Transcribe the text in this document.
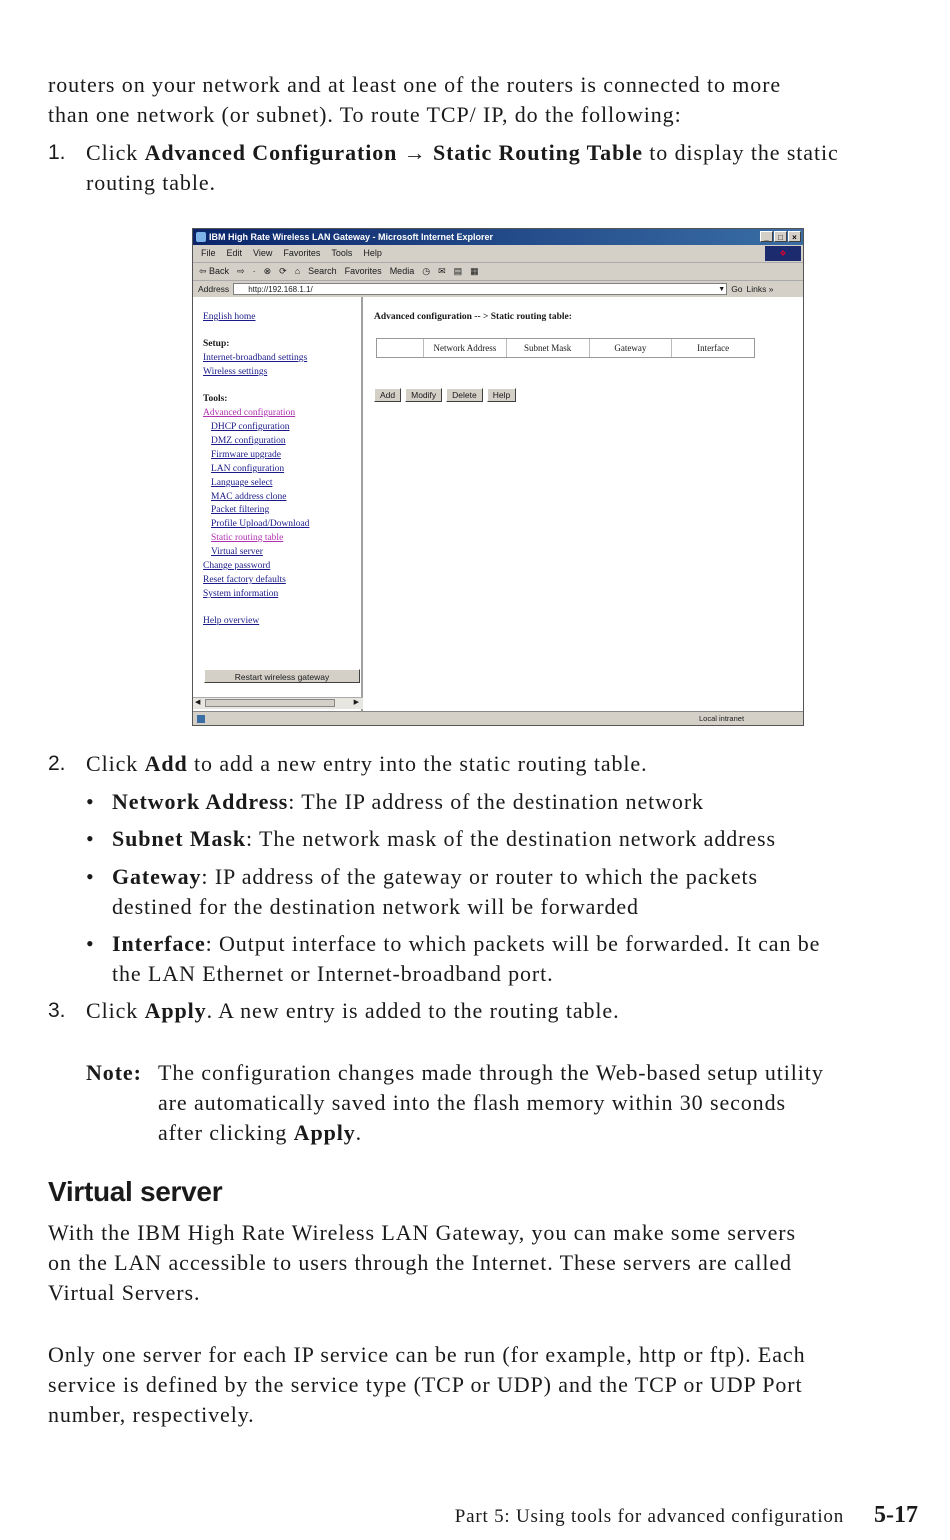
routers on your network and at least one of the routers is connected to more

than one network (or subnet). To route TCP/ IP, do the following:

1. Click Advanced Configuration → Static Routing Table to display the static

routing table.

IBM High Rate Wireless LAN Gateway - Microsoft Internet Explorer	_	□	×
File Edit View Favorites Tools Help	❖
⇦ Back ⇨ · ⊗ ⟳ ⌂ Search Favorites Media ◷ ✉ ▤ ▦
Address	http://192.168.1.1/	▼ Go Links »
English home
Setup:
Internet-broadband settings
Wireless settings
Tools:
Advanced configuration
DHCP configuration
DMZ configuration
Firmware upgrade
LAN configuration
Language select
MAC address clone
Packet filtering
Profile Upload/Download
Static routing table
Virtual server
Change password
Reset factory defaults
System information
Help overview
Restart wireless gateway
◀	▶
Advanced configuration -- > Static routing table:
Network Address	Subnet Mask	Gateway	Interface
Add	Modify	Delete	Help
Local intranet
2. Click Add to add a new entry into the static routing table.

• Network Address: The IP address of the destination network

• Subnet Mask: The network mask of the destination network address

• Gateway: IP address of the gateway or router to which the packets

destined for the destination network will be forwarded

• Interface: Output interface to which packets will be forwarded. It can be

the LAN Ethernet or Internet-broadband port.

3. Click Apply. A new entry is added to the routing table.

Note: The configuration changes made through the Web-based setup utility

are automatically saved into the flash memory within 30 seconds

after clicking Apply.

Virtual server

With the IBM High Rate Wireless LAN Gateway, you can make some servers

on the LAN accessible to users through the Internet. These servers are called

Virtual Servers.

Only one server for each IP service can be run (for example, http or ftp). Each

service is defined by the service type (TCP or UDP) and the TCP or UDP Port

number, respectively.

Part 5: Using tools for advanced configuration 5-17
